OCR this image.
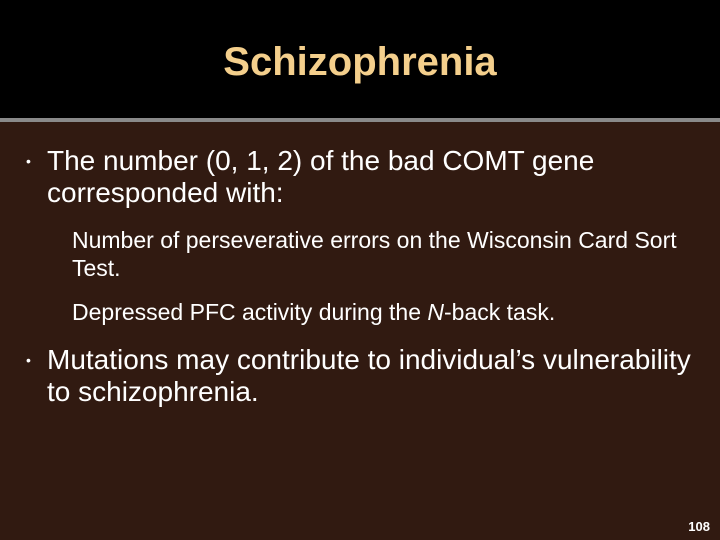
Schizophrenia
• The number (0, 1, 2) of the bad COMT gene corresponded with:
Number of perseverative errors on the Wisconsin Card Sort Test.
Depressed PFC activity during the N-back task.
• Mutations may contribute to individual’s vulnerability to schizophrenia.
108
